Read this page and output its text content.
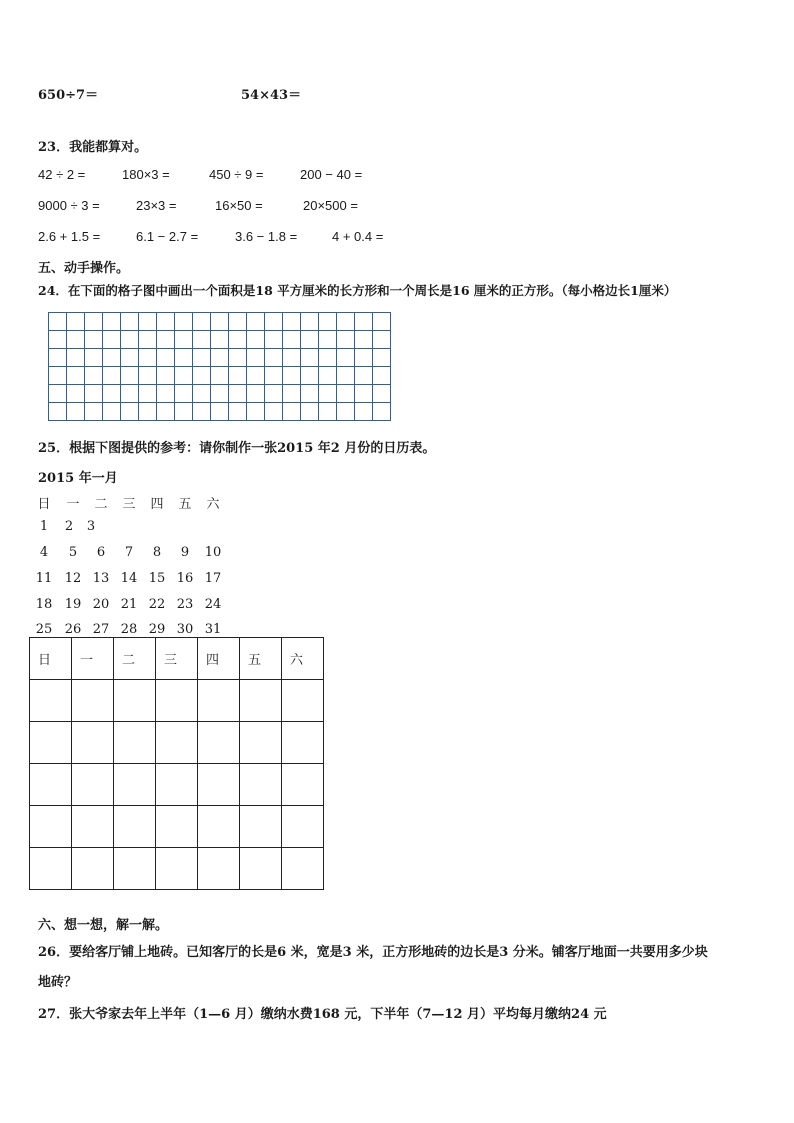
650÷7＝	54×43＝
23．我能都算对。
42 ÷ 2 =	180×3 =	450 ÷ 9 =	200 − 40 =
9000 ÷ 3 =	23×3 =	16×50 =	20×500 =
2.6 + 1.5 =	6.1 − 2.7 =	3.6 − 1.8 =	4 + 0.4 =
五、动手操作。
24．在下面的格子图中画出一个面积是18 平方厘米的长方形和一个周长是16 厘米的正方形。（每小格边长1厘米）

25．根据下图提供的参考：请你制作一张2015 年2 月份的日历表。
2015 年一月
日 一 二 三 四 五 六
1	2	3
4	5	6	7	8	9	10
11 12 13 14 15 16 17
18 19 20 21 22 23 24
25 26 27 28 29 30 31
日	一	二	三	四	五	六

六、想一想，解一解。
26．要给客厅铺上地砖。已知客厅的长是6 米，宽是3 米，正方形地砖的边长是3 分米。铺客厅地面一共要用多少块
地砖？
27．张大爷家去年上半年（1—6 月）缴纳水费168 元，下半年（7—12 月）平均每月缴纳24 元
